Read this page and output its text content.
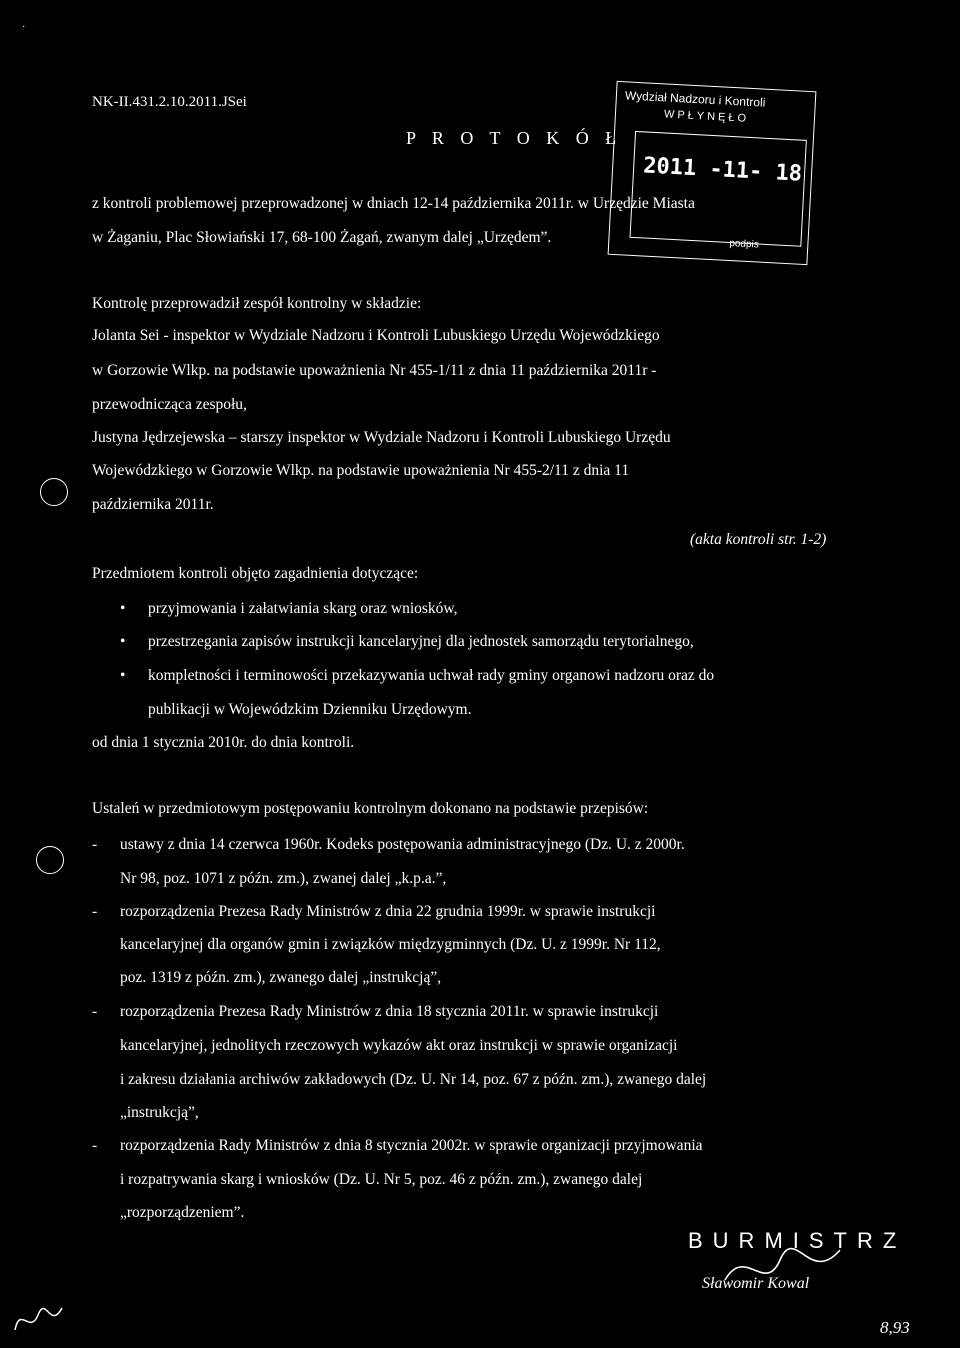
·
NK-II.431.2.10.2011.JSei
P R O T O K Ó Ł
Wydział Nadzoru i Kontroli
WPŁYNĘŁO
2011 -11- 18
podpis
z kontroli problemowej przeprowadzonej w dniach 12-14 października 2011r. w Urzędzie Miasta
w Żaganiu, Plac Słowiański 17, 68-100 Żagań, zwanym dalej „Urzędem”.
Kontrolę przeprowadził zespół kontrolny w składzie:
Jolanta Sei - inspektor w Wydziale Nadzoru i Kontroli Lubuskiego Urzędu Wojewódzkiego
w Gorzowie Wlkp. na podstawie upoważnienia Nr 455-1/11 z dnia 11 października 2011r -
przewodnicząca zespołu,
Justyna Jędrzejewska – starszy inspektor w Wydziale Nadzoru i Kontroli Lubuskiego Urzędu
Wojewódzkiego w Gorzowie Wlkp. na podstawie upoważnienia Nr 455-2/11 z dnia 11
października 2011r.
(akta kontroli str. 1-2)
Przedmiotem kontroli objęto zagadnienia dotyczące:
• przyjmowania i załatwiania skarg oraz wniosków,
• przestrzegania zapisów instrukcji kancelaryjnej dla jednostek samorządu terytorialnego,
• kompletności i terminowości przekazywania uchwał rady gminy organowi nadzoru oraz do
publikacji w Wojewódzkim Dzienniku Urzędowym.
od dnia 1 stycznia 2010r. do dnia kontroli.
Ustaleń w przedmiotowym postępowaniu kontrolnym dokonano na podstawie przepisów:
- ustawy z dnia 14 czerwca 1960r. Kodeks postępowania administracyjnego (Dz. U. z 2000r.
Nr 98, poz. 1071 z późn. zm.), zwanej dalej „k.p.a.”,
- rozporządzenia Prezesa Rady Ministrów z dnia 22 grudnia 1999r. w sprawie instrukcji
kancelaryjnej dla organów gmin i związków międzygminnych (Dz. U. z 1999r. Nr 112,
poz. 1319 z późn. zm.), zwanego dalej „instrukcją”,
- rozporządzenia Prezesa Rady Ministrów z dnia 18 stycznia 2011r. w sprawie instrukcji
kancelaryjnej, jednolitych rzeczowych wykazów akt oraz instrukcji w sprawie organizacji
i zakresu działania archiwów zakładowych (Dz. U. Nr 14, poz. 67 z późn. zm.), zwanego dalej
„instrukcją”,
- rozporządzenia Rady Ministrów z dnia 8 stycznia 2002r. w sprawie organizacji przyjmowania
i rozpatrywania skarg i wniosków (Dz. U. Nr 5, poz. 46 z późn. zm.), zwanego dalej
„rozporządzeniem”.
BURMISTRZ
Sławomir Kowal
8,93
